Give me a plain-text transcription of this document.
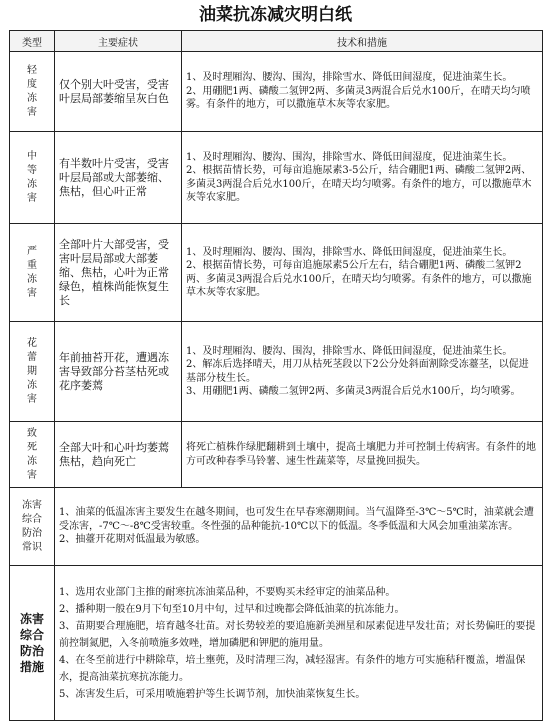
油菜抗冻减灾明白纸
类型	主要症状	技术和措施
轻度冻害	仅个别大叶受害，受害叶层局部萎缩呈灰白色	1、及时理厢沟、腰沟、围沟，排除雪水、降低田间湿度，促进油菜生长。

2、用硼肥1两、磷酸二氢钾2两、多菌灵3两混合后兑水100斤，在晴天均匀喷雾。有条件的地方，可以撒施草木灰等农家肥。

中等冻害	有半数叶片受害，受害叶层局部或大部萎缩、焦枯，但心叶正常	1、及时理厢沟、腰沟、围沟，排除雪水、降低田间湿度，促进油菜生长。

2、根据苗情长势，可每亩追施尿素3-5公斤，结合硼肥1两、磷酸二氢钾2两、多菌灵3两混合后兑水100斤，在晴天均匀喷雾。有条件的地方，可以撒施草木灰等农家肥。

严重冻害	全部叶片大部受害，受害叶层局部或大部萎缩、焦枯，心叶为正常绿色，植株尚能恢复生长	1、及时理厢沟、腰沟、围沟，排除雪水、降低田间湿度，促进油菜生长。

2、根据苗情长势，可每亩追施尿素5公斤左右，结合硼肥1两、磷酸二氢钾2两、多菌灵3两混合后兑水100斤，在晴天均匀喷雾。有条件的地方，可以撒施草木灰等农家肥。

花蕾期冻害	年前抽苔开花，遭遇冻害导致部分苔茎枯死或花序萎蔫	1、及时理厢沟、腰沟、围沟，排除雪水、降低田间湿度，促进油菜生长。

2、解冻后选择晴天，用刀从枯死茎段以下2公分处斜面割除受冻薹茎，以促进基部分枝生长。

3、用硼肥1两、磷酸二氢钾2两、多菌灵3两混合后兑水100斤，均匀喷雾。

致死冻害	全部大叶和心叶均萎蔫焦枯，趋向死亡	将死亡植株作绿肥翻耕到土壤中，提高土壤肥力并可控制土传病害。有条件的地方可改种春季马铃薯、速生性蔬菜等，尽量挽回损失。

冻害综合防治常识	1、油菜的低温冻害主要发生在越冬期间，也可发生在早春寒潮期间。当气温降至-3℃～5℃时，油菜就会遭受冻害，-7℃～-8℃受害较重。冬性强的品种能抗-10℃以下的低温。冬季低温和大风会加重油菜冻害。

2、抽薹开花期对低温最为敏感。	

冻害综合防治措施	1、选用农业部门主推的耐寒抗冻油菜品种，不要购买未经审定的油菜品种。

2、播种期一般在9月下旬至10月中旬，过早和过晚都会降低油菜的抗冻能力。

3、苗期要合理施肥，培育越冬壮苗。对长势较差的要追施新美洲星和尿素促进早发壮苗；对长势偏旺的要提前控制氮肥，入冬前喷施多效唑，增加磷肥和钾肥的施用量。

4、在冬至前进行中耕除草，培土壅蔸，及时清理三沟，减轻湿害。有条件的地方可实施秸秆覆盖，增温保水，提高油菜抗寒抗冻能力。

5、冻害发生后，可采用喷施碧护等生长调节剂，加快油菜恢复生长。	
